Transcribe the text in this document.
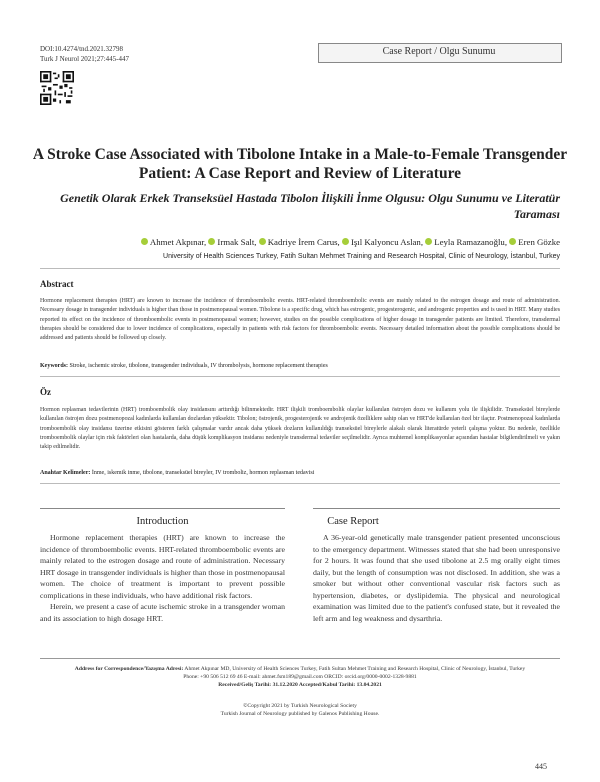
DOI:10.4274/tnd.2021.32798
Turk J Neurol 2021;27:445-447
Case Report / Olgu Sunumu
A Stroke Case Associated with Tibolone Intake in a Male-to-Female Transgender Patient: A Case Report and Review of Literature
Genetik Olarak Erkek Transeksüel Hastada Tibolon İlişkili İnme Olgusu: Olgu Sunumu ve Literatür Taraması
Ahmet Akpınar, Irmak Salt, Kadriye İrem Carus, Işıl Kalyoncu Aslan, Leyla Ramazanoğlu, Eren Gözke
University of Health Sciences Turkey, Fatih Sultan Mehmet Training and Research Hospital, Clinic of Neurology, İstanbul, Turkey
Abstract
Hormone replacement therapies (HRT) are known to increase the incidence of thromboembolic events. HRT-related thromboembolic events are mainly related to the estrogen dosage and route of administration. Necessary dosage in transgender individuals is higher than those in postmenopausal women. Tibolone is a specific drug, which has estrogenic, progesterogenic, and androgenic properties and is used in HRT. Many studies reported its effect on the incidence of thromboembolic events in postmenopausal women; however, studies on the possible complications of higher dosage in transgender patients are limited. Therefore, transdermal therapies should be considered due to lower incidence of complications, especially in patients with risk factors for thromboembolic events. Necessary detailed information about the possible complications should be addressed and patients should be followed up closely.
Keywords: Stroke, ischemic stroke, tibolone, transgender individuals, IV thrombolysis, hormone replacement therapies
Öz
Hormon replasman tedavilerinin (HRT) tromboembolik olay insidansını arttırdığı bilinmektedir. HRT ilişkili tromboembolik olaylar kullanılan östrojen dozu ve kullanım yolu ile ilişkilidir. Transeksüel bireylerde kullanılan östrojen dozu postmenopozal kadınlarda kullanılan dozlardan yüksektir. Tibolon; östrojenik, progesterojenik ve androjenik özelliklere sahip olan ve HRT'de kullanılan özel bir ilaçtır. Postmenopozal kadınlarda tromboembolik olay insidansı üzerine etkisini gösteren farklı çalışmalar vardır ancak daha yüksek dozların kullanıldığı transeksüel bireylerle alakalı olarak literatürde yeterli çalışma yoktur. Bu nedenle, özellikle tromboembolik olaylar için risk faktörleri olan hastalarda, daha düşük komplikasyon insidansı nedeniyle transdermal tedaviler seçilmelidir. Ayrıca muhtemel komplikasyonlar açısından hastalar bilgilendirilmeli ve yakın takip edilmelidir.
Anahtar Kelimeler: İnme, iskemik inme, tibolone, transeksüel bireyler, IV tromboliz, hormon replasman tedavisi
Introduction

Hormone replacement therapies (HRT) are known to increase the incidence of thromboembolic events. HRT-related thromboembolic events are mainly related to the estrogen dosage and route of administration. Necessary HRT dosage in transgender individuals is higher than those in postmenopausal women. The choice of treatment is important to prevent possible complications in these individuals, who have additional risk factors.

Herein, we present a case of acute ischemic stroke in a transgender woman and its association to high dosage HRT.

Case Report

A 36-year-old genetically male transgender patient presented unconscious to the emergency department. Witnesses stated that she had been unresponsive for 2 hours. It was found that she used tibolone at 2.5 mg orally eight times daily, but the length of consumption was not disclosed. In addition, she was a smoker but without other conventional vascular risk factors such as hypertension, diabetes, or dyslipidemia. The physical and neurological examination was limited due to the patient's confused state, but it revealed the left arm and leg weakness and dysarthria.

Address for Correspondence/Yazışma Adresi: Ahmet Akpınar MD, University of Health Sciences Turkey, Fatih Sultan Mehmet Training and Research Hospital, Clinic of Neurology, İstanbul, Turkey
Phone: +90 506 512 69 46 E-mail: ahmet.fsm189@gmail.com ORCID: orcid.org/0000-0002-1328-9881
Received/Geliş Tarihi: 31.12.2020 Accepted/Kabul Tarihi: 13.04.2021
©Copyright 2021 by Turkish Neurological Society
Turkish Journal of Neurology published by Galenos Publishing House.
445
